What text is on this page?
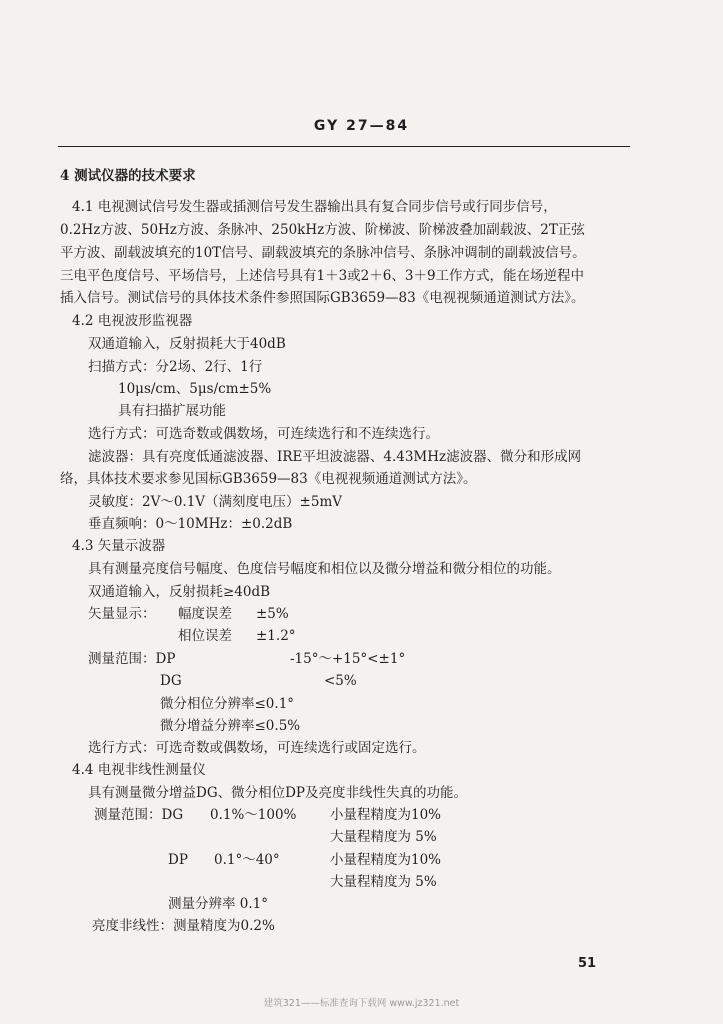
GY 27—84
4 测试仪器的技术要求
4.1 电视测试信号发生器或插测信号发生器输出具有复合同步信号或行同步信号，
0.2Hz方波、50Hz方波、条脉冲、250kHz方波、阶梯波、阶梯波叠加副载波、2T正弦
平方波、副载波填充的10T信号、副载波填充的条脉冲信号、条脉冲调制的副载波信号。
三电平色度信号、平场信号，上述信号具有1＋3或2＋6、3＋9工作方式，能在场逆程中
插入信号。测试信号的具体技术条件参照国际GB3659—83《电视视频通道测试方法》。
4.2 电视波形监视器
双通道输入，反射损耗大于40dB
扫描方式：分2场、2行、1行
10μs/cm、5μs/cm±5%
具有扫描扩展功能
选行方式：可选奇数或偶数场，可连续选行和不连续选行。
滤波器：具有亮度低通滤波器、IRE平坦波滤器、4.43MHz滤波器、微分和形成网
络，具体技术要求参见国标GB3659—83《电视视频通道测试方法》。
灵敏度：2V～0.1V（满刻度电压）±5mV
垂直频响：0～10MHz：±0.2dB
4.3 矢量示波器
具有测量亮度信号幅度、色度信号幅度和相位以及微分增益和微分相位的功能。
双通道输入，反射损耗≥40dB
矢量显示： 幅度误差 ±5%
相位误差 ±1.2°
测量范围：DP	-15°～+15°<±1°
DG	<5%
微分相位分辨率≤0.1°
微分增益分辨率≤0.5%
选行方式：可选奇数或偶数场，可连续选行或固定选行。
4.4 电视非线性测量仪
具有测量微分增益DG、微分相位DP及亮度非线性失真的功能。
测量范围：DG 0.1%～100% 小量程精度为10%
大量程精度为 5%
DP 0.1°～40°	小量程精度为10%
大量程精度为 5%
测量分辨率 0.1°
亮度非线性：测量精度为0.2%
51
建筑321——标准查询下载网 www.jz321.net
